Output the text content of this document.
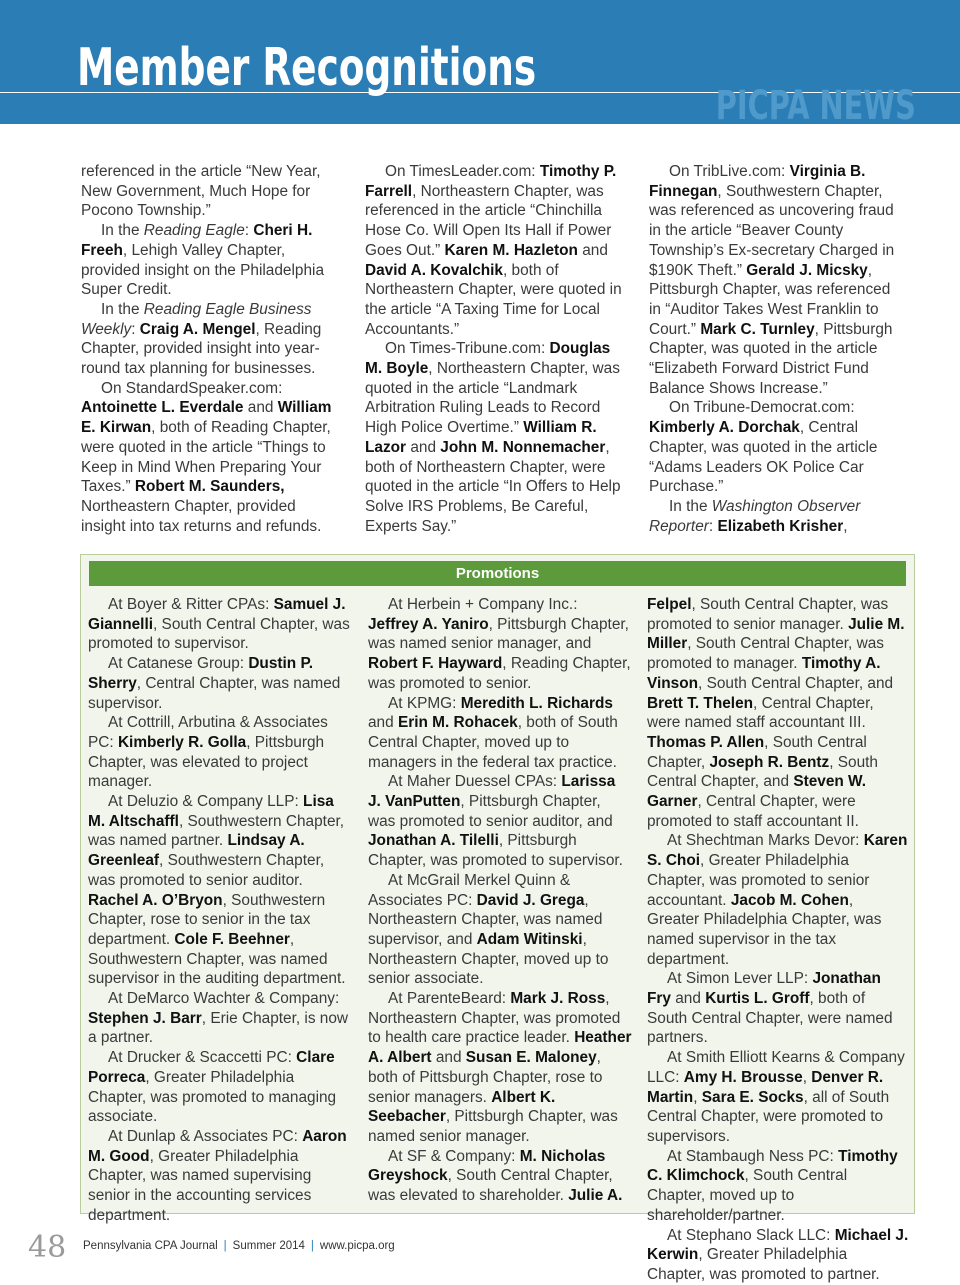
Member Recognitions
PICPA NEWS

referenced in the article “New Year, New Government, Much Hope for Pocono Township.”

In the Reading Eagle: Cheri H. Freeh, Lehigh Valley Chapter, provided insight on the Philadelphia Super Credit.

In the Reading Eagle Business Weekly: Craig A. Mengel, Reading Chapter, provided insight into year-round tax planning for businesses.

On StandardSpeaker.com: Antoinette L. Everdale and William E. Kirwan, both of Reading Chapter, were quoted in the article “Things to Keep in Mind When Preparing Your Taxes.” Robert M. Saunders, Northeastern Chapter, provided insight into tax returns and refunds.

On TimesLeader.com: Timothy P. Farrell, Northeastern Chapter, was referenced in the article “Chinchilla Hose Co. Will Open Its Hall if Power Goes Out.” Karen M. Hazleton and David A. Kovalchik, both of Northeastern Chapter, were quoted in the article “A Taxing Time for Local Accountants.”

On Times-Tribune.com: Douglas M. Boyle, Northeastern Chapter, was quoted in the article “Landmark Arbitration Ruling Leads to Record High Police Overtime.” William R. Lazor and John M. Nonnemacher, both of Northeastern Chapter, were quoted in the article “In Offers to Help Solve IRS Problems, Be Careful, Experts Say.”

On TribLive.com: Virginia B. Finnegan, Southwestern Chapter, was referenced as uncovering fraud in the article “Beaver County Township’s Ex-secretary Charged in $190K Theft.” Gerald J. Micsky, Pittsburgh Chapter, was referenced in “Auditor Takes West Franklin to Court.” Mark C. Turnley, Pittsburgh Chapter, was quoted in the article “Elizabeth Forward District Fund Balance Shows Increase.”

On Tribune-Democrat.com: Kimberly A. Dorchak, Central Chapter, was quoted in the article “Adams Leaders OK Police Car Purchase.”

In the Washington Observer Reporter: Elizabeth Krisher,

Promotions

At Boyer & Ritter CPAs: Samuel J. Giannelli, South Central Chapter, was promoted to supervisor.

At Catanese Group: Dustin P. Sherry, Central Chapter, was named supervisor.

At Cottrill, Arbutina & Associates PC: Kimberly R. Golla, Pittsburgh Chapter, was elevated to project manager.

At Deluzio & Company LLP: Lisa M. Altschaffl, Southwestern Chapter, was named partner. Lindsay A. Greenleaf, Southwestern Chapter, was promoted to senior auditor. Rachel A. O’Bryon, Southwestern Chapter, rose to senior in the tax department. Cole F. Beehner, Southwestern Chapter, was named supervisor in the auditing department.

At DeMarco Wachter & Company: Stephen J. Barr, Erie Chapter, is now a partner.

At Drucker & Scaccetti PC: Clare Porreca, Greater Philadelphia Chapter, was promoted to managing associate.

At Dunlap & Associates PC: Aaron M. Good, Greater Philadelphia Chapter, was named supervising senior in the accounting services department.

At Herbein + Company Inc.: Jeffrey A. Yaniro, Pittsburgh Chapter, was named senior manager, and Robert F. Hayward, Reading Chapter, was promoted to senior.

At KPMG: Meredith L. Richards and Erin M. Rohacek, both of South Central Chapter, moved up to managers in the federal tax practice.

At Maher Duessel CPAs: Larissa J. VanPutten, Pittsburgh Chapter, was promoted to senior auditor, and Jonathan A. Tilelli, Pittsburgh Chapter, was promoted to supervisor.

At McGrail Merkel Quinn & Associates PC: David J. Grega, Northeastern Chapter, was named supervisor, and Adam Witinski, Northeastern Chapter, moved up to senior associate.

At ParenteBeard: Mark J. Ross, Northeastern Chapter, was promoted to health care practice leader. Heather A. Albert and Susan E. Maloney, both of Pittsburgh Chapter, rose to senior managers. Albert K. Seebacher, Pittsburgh Chapter, was named senior manager.

At SF & Company: M. Nicholas Greyshock, South Central Chapter, was elevated to shareholder. Julie A.

Felpel, South Central Chapter, was promoted to senior manager. Julie M. Miller, South Central Chapter, was promoted to manager. Timothy A. Vinson, South Central Chapter, and Brett T. Thelen, Central Chapter, were named staff accountant III. Thomas P. Allen, South Central Chapter, Joseph R. Bentz, South Central Chapter, and Steven W. Garner, Central Chapter, were promoted to staff accountant II.

At Shechtman Marks Devor: Karen S. Choi, Greater Philadelphia Chapter, was promoted to senior accountant. Jacob M. Cohen, Greater Philadelphia Chapter, was named supervisor in the tax department.

At Simon Lever LLP: Jonathan Fry and Kurtis L. Groff, both of South Central Chapter, were named partners.

At Smith Elliott Kearns & Company LLC: Amy H. Brousse, Denver R. Martin, Sara E. Socks, all of South Central Chapter, were promoted to supervisors.

At Stambaugh Ness PC: Timothy C. Klimchock, South Central Chapter, moved up to shareholder/partner.

At Stephano Slack LLC: Michael J. Kerwin, Greater Philadelphia Chapter, was promoted to partner.

48 Pennsylvania CPA Journal | Summer 2014 | www.picpa.org
